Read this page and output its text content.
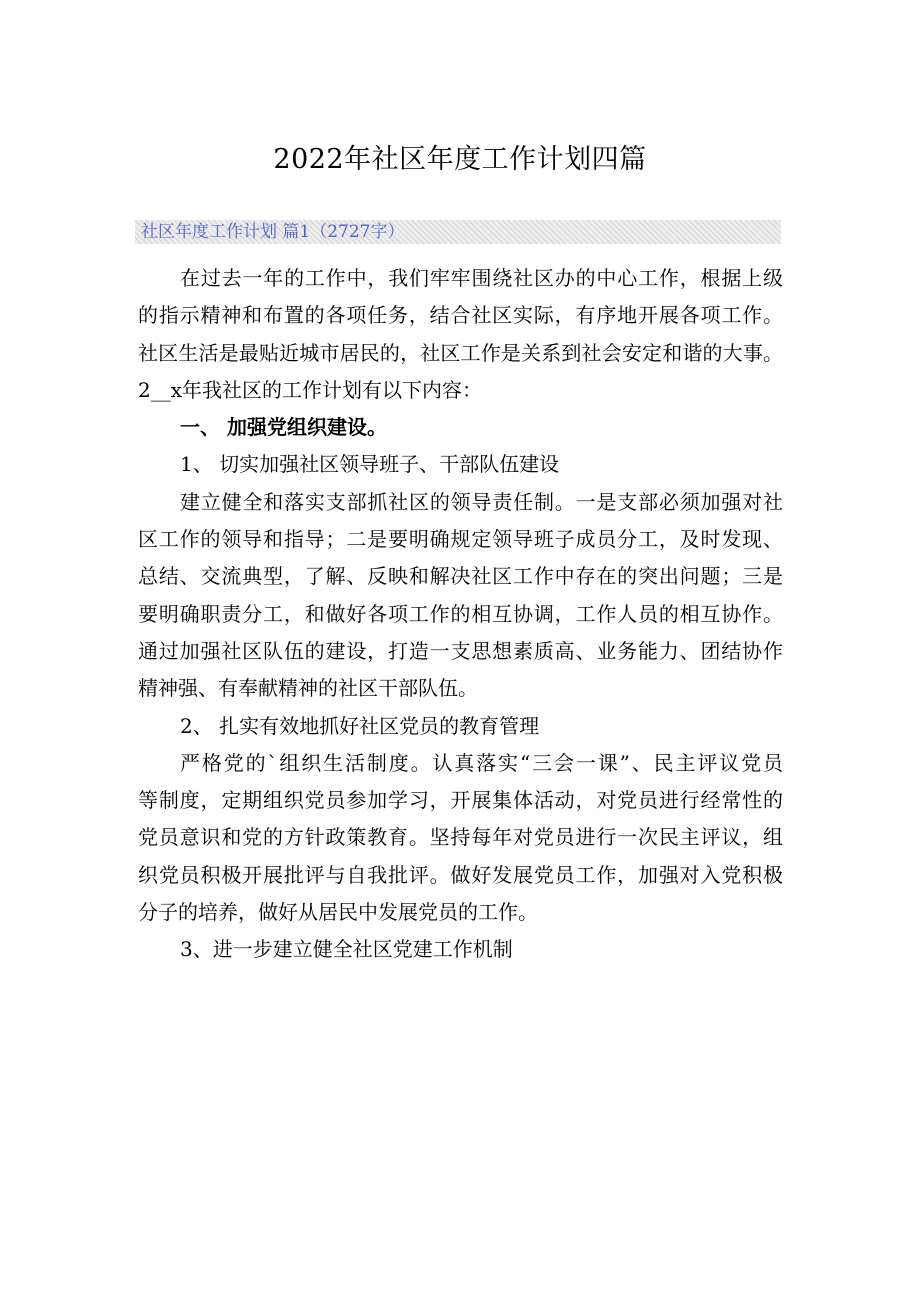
2022年社区年度工作计划四篇
社区年度工作计划 篇1（2727字）
在过去一年的工作中，我们牢牢围绕社区办的中心工作，根据上级
的指示精神和布置的各项任务，结合社区实际，有序地开展各项工作。
社区生活是最贴近城市居民的，社区工作是关系到社会安定和谐的大事。
2__x年我社区的工作计划有以下内容：
一、 加强党组织建设。
1、 切实加强社区领导班子、干部队伍建设
建立健全和落实支部抓社区的领导责任制。一是支部必须加强对社
区工作的领导和指导；二是要明确规定领导班子成员分工，及时发现、
总结、交流典型，了解、反映和解决社区工作中存在的突出问题；三是
要明确职责分工，和做好各项工作的相互协调，工作人员的相互协作。
通过加强社区队伍的建设，打造一支思想素质高、业务能力、团结协作
精神强、有奉献精神的社区干部队伍。
2、 扎实有效地抓好社区党员的教育管理
严格党的`组织生活制度。认真落实“三会一课”、民主评议党员
等制度，定期组织党员参加学习，开展集体活动，对党员进行经常性的
党员意识和党的方针政策教育。坚持每年对党员进行一次民主评议，组
织党员积极开展批评与自我批评。做好发展党员工作，加强对入党积极
分子的培养，做好从居民中发展党员的工作。
3、进一步建立健全社区党建工作机制
